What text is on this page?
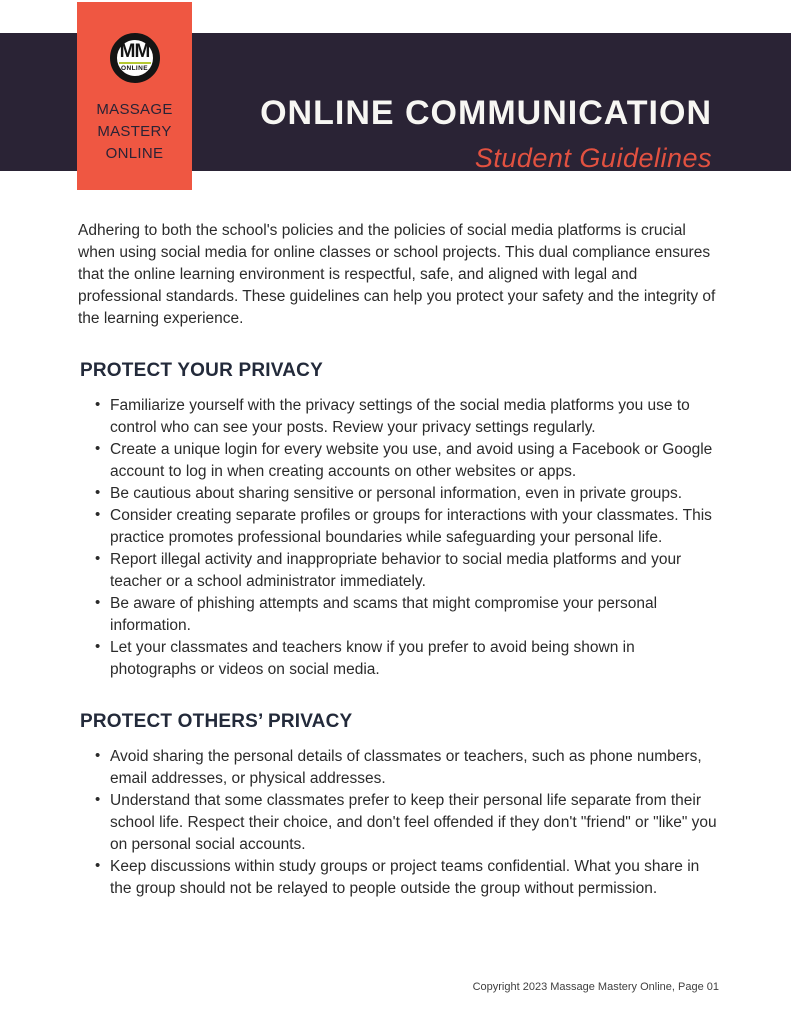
ONLINE COMMUNICATION
Student Guidelines
MM
ONLINE
MASSAGE
MASTERY
ONLINE

Adhering to both the school's policies and the policies of social media platforms is crucial when using social media for online classes or school projects. This dual compliance ensures that the online learning environment is respectful, safe, and aligned with legal and professional standards. These guidelines can help you protect your safety and the integrity of the learning experience.

PROTECT YOUR PRIVACY
• Familiarize yourself with the privacy settings of the social media platforms you use to control who can see your posts. Review your privacy settings regularly.
• Create a unique login for every website you use, and avoid using a Facebook or Google account to log in when creating accounts on other websites or apps.
• Be cautious about sharing sensitive or personal information, even in private groups.
• Consider creating separate profiles or groups for interactions with your classmates. This practice promotes professional boundaries while safeguarding your personal life.
• Report illegal activity and inappropriate behavior to social media platforms and your teacher or a school administrator immediately.
• Be aware of phishing attempts and scams that might compromise your personal information.
• Let your classmates and teachers know if you prefer to avoid being shown in photographs or videos on social media.
PROTECT OTHERS’ PRIVACY
• Avoid sharing the personal details of classmates or teachers, such as phone numbers, email addresses, or physical addresses.
• Understand that some classmates prefer to keep their personal life separate from their school life. Respect their choice, and don't feel offended if they don't "friend" or "like" you on personal social accounts.
• Keep discussions within study groups or project teams confidential. What you share in the group should not be relayed to people outside the group without permission.
Copyright 2023 Massage Mastery Online, Page 01
